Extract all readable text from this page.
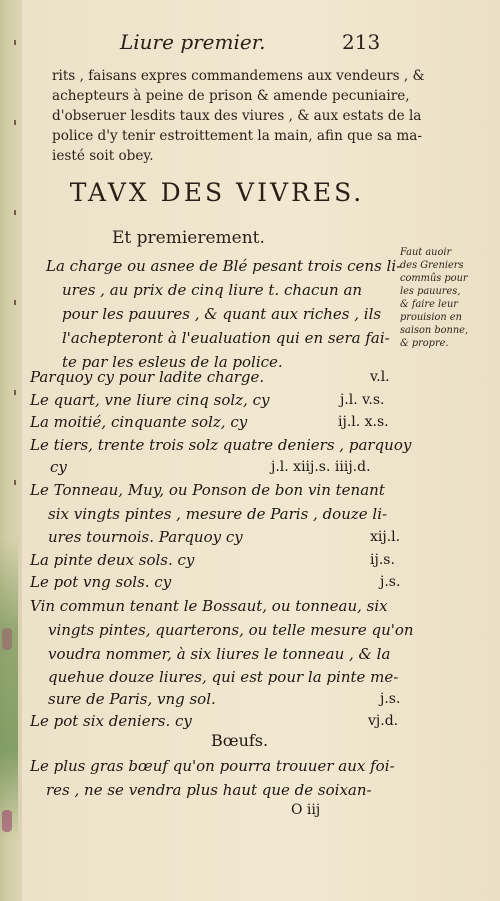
Liure premier.	213
rits , faisans expres commandemens aux vendeurs , &
achepteurs à peine de prison & amende pecuniaire,
d'obseruer lesdits taux des viures , & aux estats de la
police d'y tenir estroittement la main, afin que sa ma-
iesté soit obey.
TAVX DES VIVRES.
Et premierement.
La charge ou asnee de Blé pesant trois cens li-
ures , au prix de cinq liure t. chacun an
pour les pauures , & quant aux riches , ils
l'achepteront à l'eualuation qui en sera fai-
te par les esleus de la police.
Faut auoir
des Greniers
commûs pour
les pauures,
& faire leur
prouision en
saison bonne,
& propre.
Parquoy cy pour ladite charge.	v.l.
Le quart, vne liure cinq solz, cy	j.l. v.s.
La moitié, cinquante solz, cy	ij.l. x.s.
Le tiers, trente trois solz quatre deniers , parquoy
cy	j.l. xiij.s. iiij.d.
Le Tonneau, Muy, ou Ponson de bon vin tenant
six vingts pintes , mesure de Paris , douze li-
ures tournois. Parquoy cy	xij.l.
La pinte deux sols. cy	ij.s.
Le pot vng sols. cy	j.s.
Vin commun tenant le Bossaut, ou tonneau, six
vingts pintes, quarterons, ou telle mesure qu'on
voudra nommer, à six liures le tonneau , & la
quehue douze liures, qui est pour la pinte me-
sure de Paris, vng sol.	j.s.
Le pot six deniers. cy	vj.d.
Bœufs.
Le plus gras bœuf qu'on pourra trouuer aux foi-
res , ne se vendra plus haut que de soixan-
O iij
